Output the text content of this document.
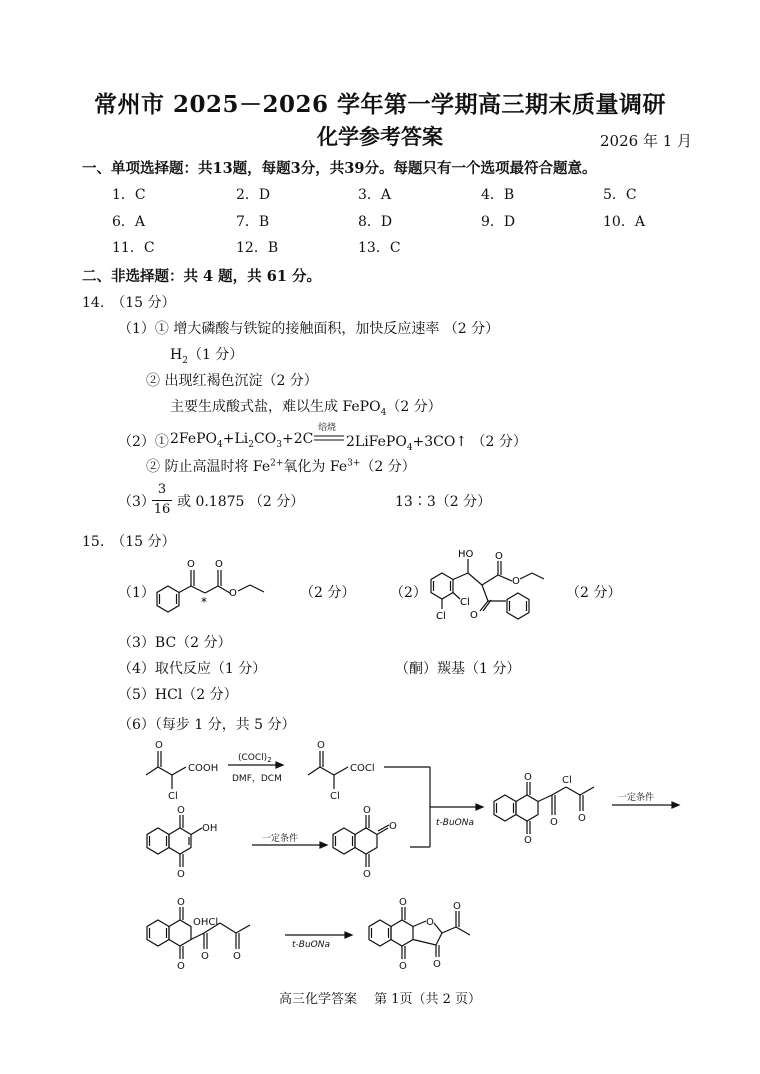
常州市 2025－2026 学年第一学期高三期末质量调研
化学参考答案	2026 年 1 月
一、单项选择题：共13题，每题3分，共39分。每题只有一个选项最符合题意。
1．C	2．D	3．A	4．B	5．C
6．A	7．B	8．D	9．D	10．A
11．C	12．B	13．C
二、非选择题：共 4 题，共 61 分。
14.　（15 分）
（1）① 增大磷酸与铁锭的接触面积，加快反应速率 （2 分）
$H_2(1$ 分）
② 出现红褐色沉淀（2 分）
主要生成酸式盐，难以生成 FePO$_4$（2 分）
（2）① $2FePO_4+Li_2CO_3+2C$
焙烧
2LiFePO$_4$+3CO↑ （2 分）
② 防止高温时将 $Fe^{2+}$氧化为 $Fe^{3+}(2$ 分）
（3）
3
16 或 0.1875 （2 分）	13∶3（2 分）
15.　（15 分）
（1）	（2 分） （2）	（2 分）
O O
O
*
HO O
O
Cl
O
Cl
（3）BC（2 分）
（4）取代反应（1 分）	（酮）羰基（1 分）
（5）HCl（2 分）
（6）（每步 1 分，共 5 分）
COOH
O
Cl
$(COCl)_2$
DMF，DCM
COCl
O
Cl
t-BuONa
O
O
OH
一定条件
O
O
O
O
O
O
Cl
O
一定条件
O
O
OHCl
O O
t-BuONa
O
O
O
O
O
高三化学答案　 第 1页（共 2 页）
